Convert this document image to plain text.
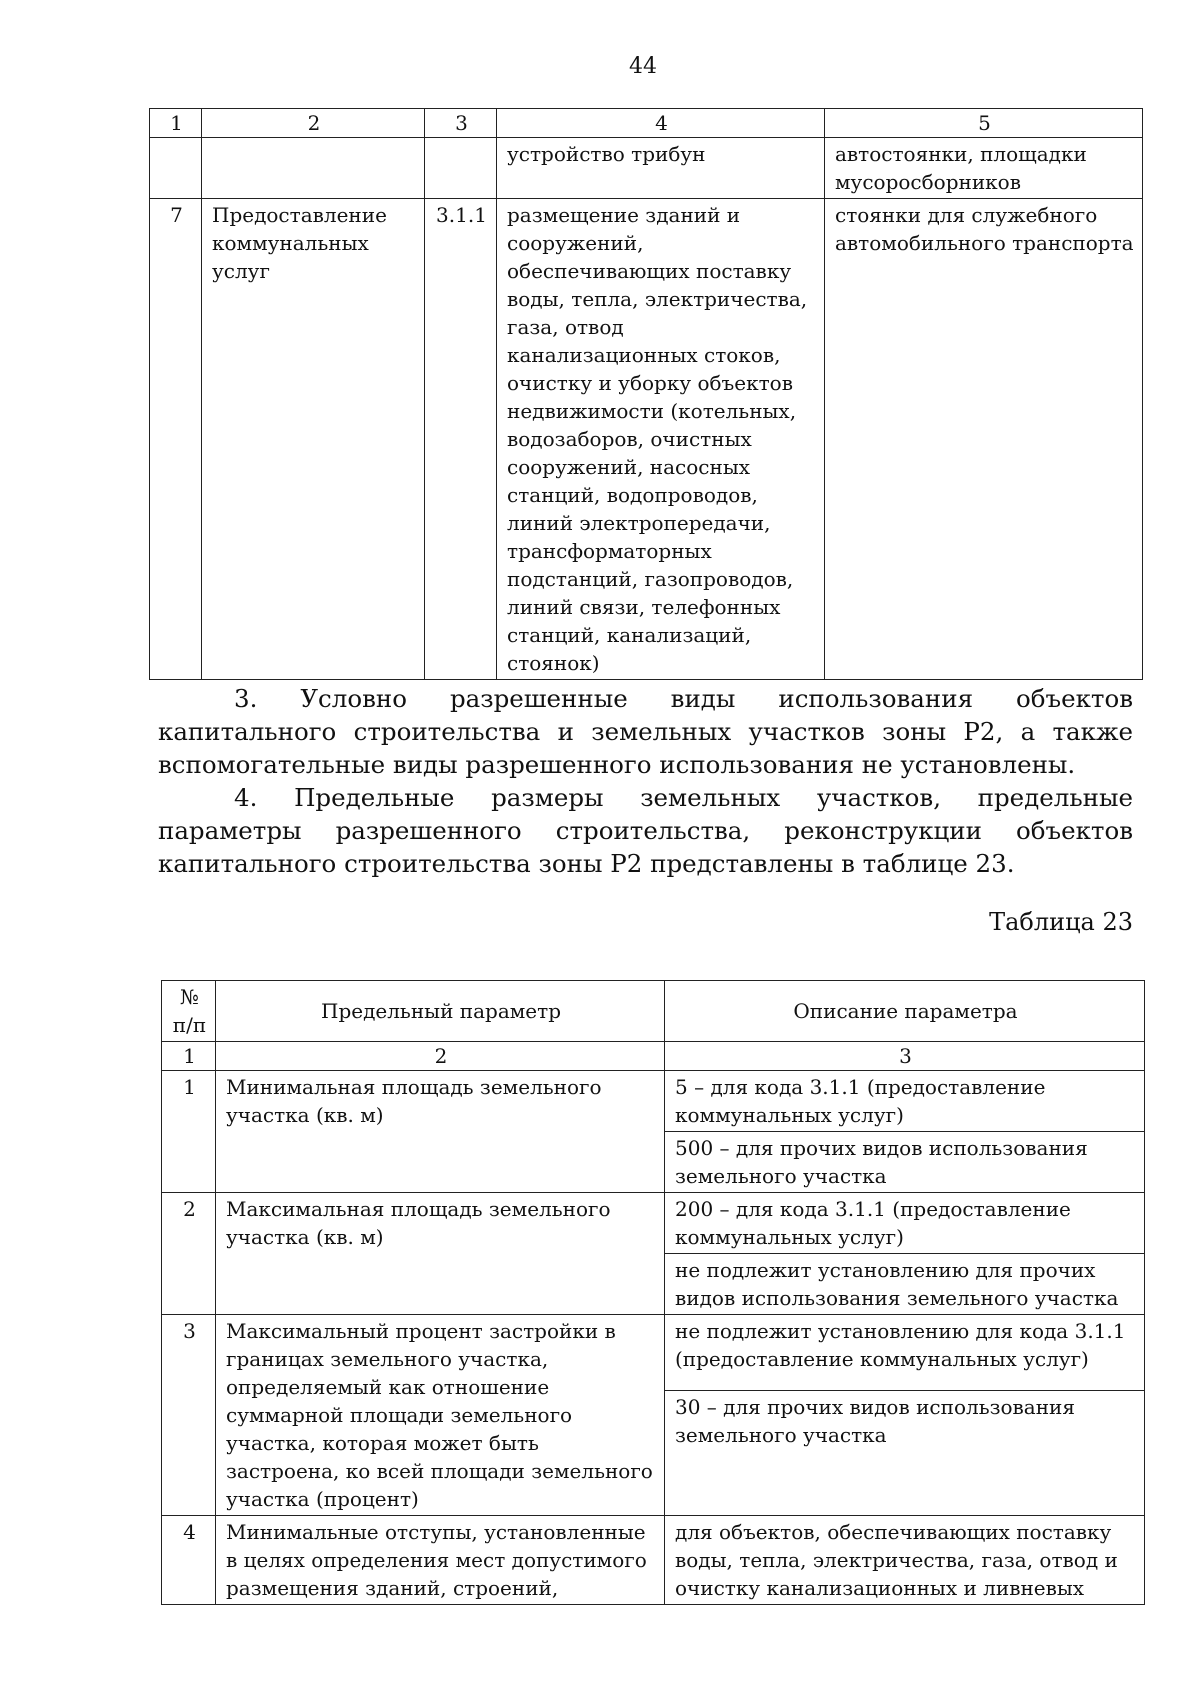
44
1	2	3	4	5
			устройство трибун	автостоянки, площадки мусоросборников
7	Предоставление коммунальных услуг	3.1.1	размещение зданий и сооружений, обеспечивающих поставку воды, тепла, электричества, газа, отвод канализационных стоков, очистку и уборку объектов недвижимости (котельных, водозаборов, очистных сооружений, насосных станций, водопроводов, линий электропередачи, трансформаторных подстанций, газопроводов, линий связи, телефонных станций, канализаций, стоянок)	стоянки для служебного автомобильного транспорта

3. Условно разрешенные виды использования объектов капитального строительства и земельных участков зоны Р2, а также вспомогательные виды разрешенного использования не установлены.

4. Предельные размеры земельных участков, предельные параметры разрешенного строительства, реконструкции объектов капитального строительства зоны Р2 представлены в таблице 23.

Таблица 23
№ п/п	Предельный параметр	Описание параметра
1	2	3
1	Минимальная площадь земельного участка (кв. м)	5 – для кода 3.1.1 (предоставление коммунальных услуг)
		500 – для прочих видов использования земельного участка
2	Максимальная площадь земельного участка (кв. м)	200 – для кода 3.1.1 (предоставление коммунальных услуг)
		не подлежит установлению для прочих видов использования земельного участка
3	Максимальный процент застройки в границах земельного участка, определяемый как отношение суммарной площади земельного участка, которая может быть застроена, ко всей площади земельного участка (процент)	не подлежит установлению для кода 3.1.1 (предоставление коммунальных услуг)
		30 – для прочих видов использования земельного участка
4	Минимальные отступы, установленные в целях определения мест допустимого размещения зданий, строений,	для объектов, обеспечивающих поставку воды, тепла, электричества, газа, отвод и очистку канализационных и ливневых
